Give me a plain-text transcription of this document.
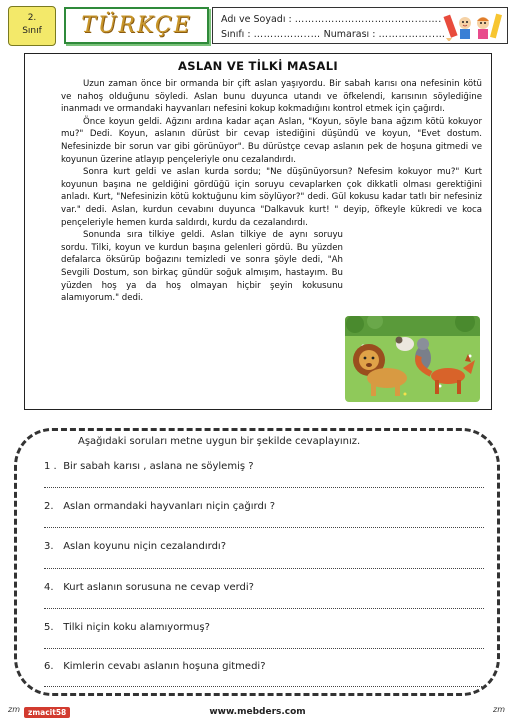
2.
Sınıf	TÜRKÇE	Adı ve Soyadı : ……………………………….…….
Sınıfı : ……………..… Numarası : ……………..…
ASLAN VE TİLKİ MASALI

Uzun zaman önce bir ormanda bir çift aslan yaşıyordu. Bir sabah karısı ona nefesinin kötü ve nahoş olduğunu söyledi. Aslan bunu duyunca utandı ve öfkelendi, karısının söylediğine inanmadı ve ormandaki hayvanları nefesini kokup kokmadığını kontrol etmek için çağırdı.

Önce koyun geldi. Ağzını ardına kadar açan Aslan, "Koyun, söyle bana ağzım kötü kokuyor mu?" Dedi. Koyun, aslanın dürüst bir cevap istediğini düşündü ve koyun, "Evet dostum. Nefesinizde bir sorun var gibi görünüyor". Bu dürüstçe cevap aslanın pek de hoşuna gitmedi ve koyunun üzerine atlayıp pençeleriyle onu cezalandırdı.

Sonra kurt geldi ve aslan kurda sordu; "Ne düşünüyorsun? Nefesim kokuyor mu?" Kurt koyunun başına ne geldiğini gördüğü için soruyu cevaplarken çok dikkatli olması gerektiğini anladı. Kurt, "Nefesinizin kötü koktuğunu kim söylüyor?" dedi. Gül kokusu kadar tatlı bir nefesiniz var." dedi. Aslan, kurdun cevabını duyunca "Dalkavuk kurt! " deyip, öfkeyle kükredi ve koca pençeleriyle hemen kurda saldırdı, kurdu da cezalandırdı.

Sonunda sıra tilkiye geldi. Aslan tilkiye de aynı soruyu sordu. Tilki, koyun ve kurdun başına gelenleri gördü. Bu yüzden defalarca öksürüp boğazını temizledi ve sonra şöyle dedi, "Ah Sevgili Dostum, son birkaç gündür soğuk almışım, hastayım. Bu yüzden hoş ya da hoş olmayan hiçbir şeyin kokusunu alamıyorum." dedi.

Aşağıdaki soruları metne uygun bir şekilde cevaplayınız.
1 . Bir sabah karısı , aslana ne söylemiş ?
2. Aslan ormandaki hayvanları niçin çağırdı ?
3. Aslan koyunu niçin cezalandırdı?
4. Kurt aslanın sorusuna ne cevap verdi?
5. Tilki niçin koku alamıyormuş?
6. Kimlerin cevabı aslanın hoşuna gitmedi?
zm	zmacit58	www.mebders.com	zm
